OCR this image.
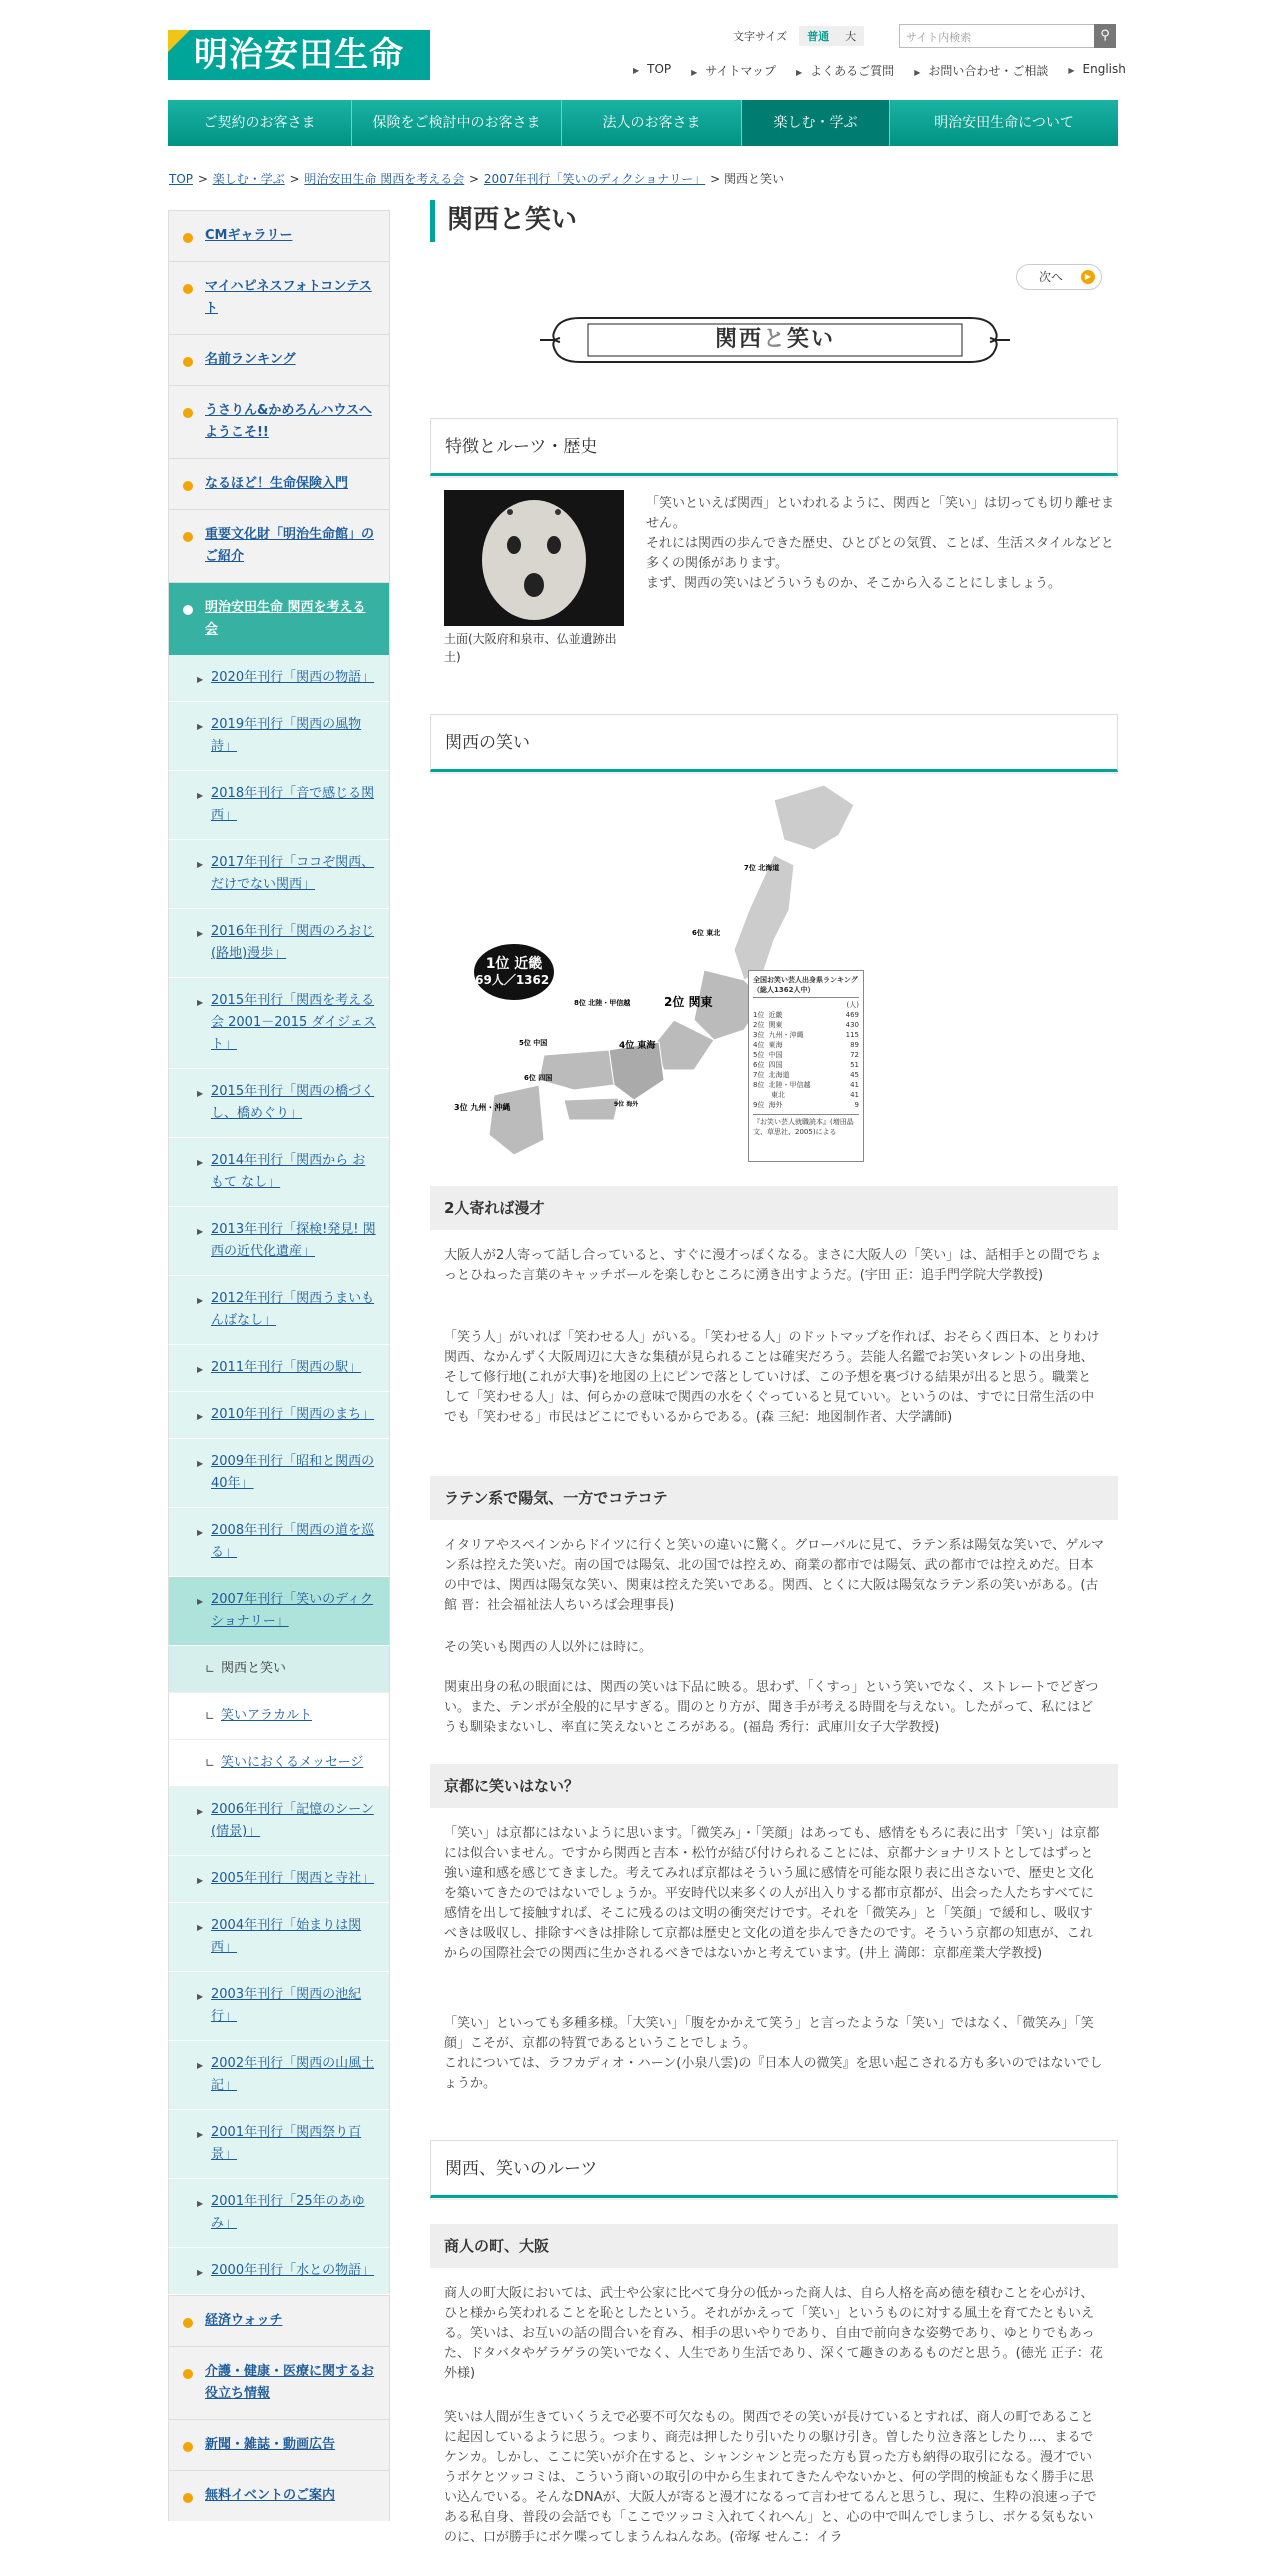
明治安田生命	文字サイズ	普通	大	サイト内検索	⚲
▶ TOP	▶ サイトマップ	▶ よくあるご質問	▶ お問い合わせ・ご相談	▶ English
ご契約のお客さま	保険をご検討中のお客さま	法人のお客さま	楽しむ・学ぶ	明治安田生命について
TOP > 楽しむ・学ぶ > 明治安田生命 関西を考える会 > 2007年刊行「笑いのディクショナリー」 > 関西と笑い
CMギャラリー
マイハピネスフォトコンテスト
名前ランキング
うさりん&かめろんハウスへようこそ!!
なるほど！生命保険入門
重要文化財「明治生命館」のご紹介
明治安田生命 関西を考える会
▶ 2020年刊行「関西の物語」
▶ 2019年刊行「関西の風物詩」
▶ 2018年刊行「音で感じる関西」
▶ 2017年刊行「ココぞ関西、だけでない関西」
▶ 2016年刊行「関西のろおじ(路地)漫歩」
▶ 2015年刊行「関西を考える会 2001－2015 ダイジェスト」
▶ 2015年刊行「関西の橋づくし、橋めぐり」
▶ 2014年刊行「関西から おもて なし」
▶ 2013年刊行「探検!発見! 関西の近代化遺産」
▶ 2012年刊行「関西うまいもんばなし」
▶ 2011年刊行「関西の駅」
▶ 2010年刊行「関西のまち」
▶ 2009年刊行「昭和と関西の40年」
▶ 2008年刊行「関西の道を巡る」
▶ 2007年刊行「笑いのディクショナリー」
∟ 関西と笑い
∟ 笑いアラカルト
∟ 笑いにおくるメッセージ
▶ 2006年刊行「記憶のシーン(情景)」
▶ 2005年刊行「関西と寺社」
▶ 2004年刊行「始まりは関西」
▶ 2003年刊行「関西の池紀行」
▶ 2002年刊行「関西の山風土記」
▶ 2001年刊行「関西祭り百景」
▶ 2001年刊行「25年のあゆみ」
▶ 2000年刊行「水との物語」
経済ウォッチ
介護・健康・医療に関するお役立ち情報
新聞・雑誌・動画広告
無料イベントのご案内
関西と笑い
次へ	▶
関西と笑い
特徴とルーツ・歴史
土面(大阪府和泉市、仏並遺跡出土)

「笑いといえば関西」といわれるように、関西と「笑い」は切っても切り離せません。

それには関西の歩んできた歴史、ひとびとの気質、ことば、生活スタイルなどと多くの関係があります。

まず、関西の笑いはどういうものか、そこから入ることにしましょう。

関西の笑い
1位 近畿
469人／1362人
7位 北海道
6位 東北
8位 北陸・甲信越	2位 関東
5位 中国	4位 東海
6位 四国
3位 九州・沖縄	9位 海外
全国お笑い芸人出身県ランキング（総人1362人中）
(人)
1位 近畿	469
2位 関東	430
3位 九州・沖縄	115
4位 東海	89
5位 中国	72
6位 四国	51
7位 北海道	45
8位 北陸・甲信越	41
東北	41
9位 海外	9
『お笑い芸人就職読本』(増田晶文、草思社、2005)による
2人寄れば漫才
大阪人が2人寄って話し合っていると、すぐに漫才っぽくなる。まさに大阪人の「笑い」は、話相手との間でちょっとひねった言葉のキャッチボールを楽しむところに湧き出すようだ。(宇田 正：追手門学院大学教授)
「笑う人」がいれば「笑わせる人」がいる。「笑わせる人」のドットマップを作れば、おそらく西日本、とりわけ関西、なかんずく大阪周辺に大きな集積が見られることは確実だろう。芸能人名鑑でお笑いタレントの出身地、そして修行地(これが大事)を地図の上にピンで落としていけば、この予想を裏づける結果が出ると思う。職業として「笑わせる人」は、何らかの意味で関西の水をくぐっていると見ていい。というのは、すでに日常生活の中でも「笑わせる」市民はどこにでもいるからである。(森 三紀：地図制作者、大学講師)
ラテン系で陽気、一方でコテコテ
イタリアやスペインからドイツに行くと笑いの違いに驚く。グローバルに見て、ラテン系は陽気な笑いで、ゲルマン系は控えた笑いだ。南の国では陽気、北の国では控えめ、商業の都市では陽気、武の都市では控えめだ。日本の中では、関西は陽気な笑い、関東は控えた笑いである。関西、とくに大阪は陽気なラテン系の笑いがある。(古館 晋：社会福祉法人ちいろば会理事長)
その笑いも関西の人以外には時に。
関東出身の私の眼面には、関西の笑いは下品に映る。思わず、「くすっ」という笑いでなく、ストレートでどぎつい。また、テンポが全般的に早すぎる。間のとり方が、聞き手が考える時間を与えない。したがって、私にはどうも馴染まないし、率直に笑えないところがある。(福島 秀行：武庫川女子大学教授)
京都に笑いはない？
「笑い」は京都にはないように思います。「微笑み」・「笑顔」はあっても、感情をもろに表に出す「笑い」は京都には似合いません。ですから関西と吉本・松竹が結び付けられることには、京都ナショナリストとしてはずっと強い違和感を感じてきました。考えてみれば京都はそういう風に感情を可能な限り表に出さないで、歴史と文化を築いてきたのではないでしょうか。平安時代以来多くの人が出入りする都市京都が、出会った人たちすべてに感情を出して接触すれば、そこに残るのは文明の衝突だけです。それを「微笑み」と「笑顔」で緩和し、吸収すべきは吸収し、排除すべきは排除して京都は歴史と文化の道を歩んできたのです。そういう京都の知恵が、これからの国際社会での関西に生かされるべきではないかと考えています。(井上 満郎：京都産業大学教授)
「笑い」といっても多種多様。「大笑い」「腹をかかえて笑う」と言ったような「笑い」ではなく、「微笑み」「笑顔」こそが、京都の特質であるということでしょう。
これについては、ラフカディオ・ハーン(小泉八雲)の『日本人の微笑』を思い起こされる方も多いのではないでしょうか。
関西、笑いのルーツ
商人の町、大阪
商人の町大阪においては、武士や公家に比べて身分の低かった商人は、自ら人格を高め徳を積むことを心がけ、ひと様から笑われることを恥としたという。それがかえって「笑い」というものに対する風土を育てたともいえる。笑いは、お互いの話の間合いを育み、相手の思いやりであり、自由で前向きな姿勢であり、ゆとりでもあった、ドタバタやゲラゲラの笑いでなく、人生であり生活であり、深くて趣きのあるものだと思う。(徳光 正子：花外様)
笑いは人間が生きていくうえで必要不可欠なもの。関西でその笑いが長けているとすれば、商人の町であることに起因しているように思う。つまり、商売は押したり引いたりの駆け引き。曽したり泣き落としたり…、まるでケンカ。しかし、ここに笑いが介在すると、シャンシャンと売った方も買った方も納得の取引になる。漫才でいうボケとツッコミは、こういう商いの取引の中から生まれてきたんやないかと、何の学問的検証もなく勝手に思い込んでいる。そんなDNAが、大阪人が寄ると漫才になるって言わせてるんと思うし、現に、生粋の浪速っ子である私自身、普段の会話でも「ここでツッコミ入れてくれへん」と、心の中で叫んでしまうし、ボケる気もないのに、口が勝手にボケ喋ってしまうんねんなあ。(帝塚 せんこ：イラ
